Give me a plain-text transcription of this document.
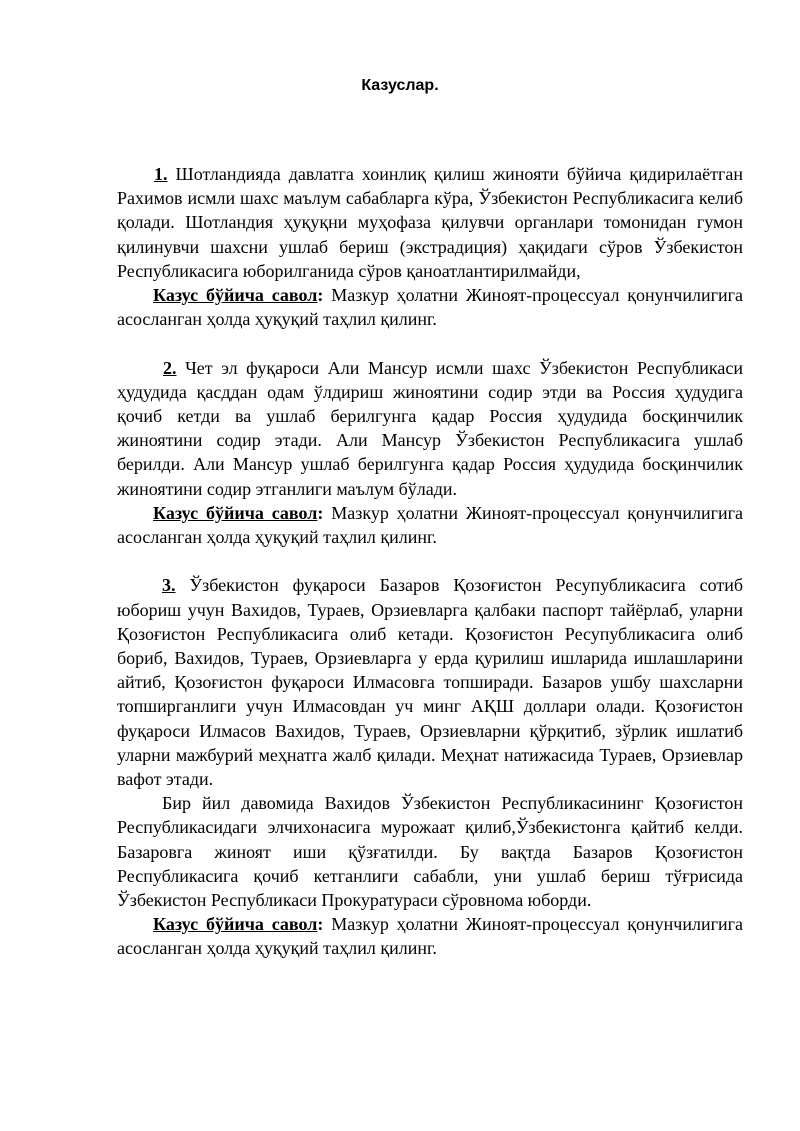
Казуслар.

1. Шотландияда давлатга хоинлиқ қилиш жинояти бўйича қидирилаётган Рахимов исмли шахс маълум сабабларга кўра, Ўзбекистон Республикасига келиб қолади. Шотландия ҳуқуқни муҳофаза қилувчи органлари томонидан гумон қилинувчи шахсни ушлаб бериш (экстрадиция) ҳақидаги сўров Ўзбекистон Республикасига юборилганида сўров қаноатлантирилмайди,

Казус бўйича савол: Мазкур ҳолатни Жиноят-процессуал қонунчилигига асосланган ҳолда ҳуқуқий таҳлил қилинг.

2. Чет эл фуқароси Али Мансур исмли шахс Ўзбекистон Республикаси ҳудудида қасддан одам ўлдириш жиноятини содир этди ва Россия ҳудудига қочиб кетди ва ушлаб берилгунга қадар Россия ҳудудида босқинчилик жиноятини содир этади. Али Мансур Ўзбекистон Республикасига ушлаб берилди. Али Мансур ушлаб берилгунга қадар Россия ҳудудида босқинчилик жиноятини содир этганлиги маълум бўлади.

Казус бўйича савол: Мазкур ҳолатни Жиноят-процессуал қонунчилигига асосланган ҳолда ҳуқуқий таҳлил қилинг.

3. Ўзбекистон фуқароси Базаров Қозоғистон Ресупубликасига сотиб юбориш учун Вахидов, Тураев, Орзиевларга қалбаки паспорт тайёрлаб, уларни Қозоғистон Республикасига олиб кетади. Қозоғистон Ресупубликасига олиб бориб, Вахидов, Тураев, Орзиевларга у ерда қурилиш ишларида ишлашларини айтиб, Қозоғистон фуқароси Илмасовга топширади. Базаров ушбу шахсларни топширганлиги учун Илмасовдан уч минг АҚШ доллари олади. Қозоғистон фуқароси Илмасов Вахидов, Тураев, Орзиевларни қўрқитиб, зўрлик ишлатиб уларни мажбурий меҳнатга жалб қилади. Меҳнат натижасида Тураев, Орзиевлар вафот этади.

Бир йил давомида Вахидов Ўзбекистон Республикасининг Қозоғистон Республикасидаги элчихонасига мурожаат қилиб,Ўзбекистонга қайтиб келди. Базаровга жиноят иши қўзғатилди. Бу вақтда Базаров Қозоғистон Республикасига қочиб кетганлиги сабабли, уни ушлаб бериш тўғрисида Ўзбекистон Республикаси Прокуратураси сўровнома юборди.

Казус бўйича савол: Мазкур ҳолатни Жиноят-процессуал қонунчилигига асосланган ҳолда ҳуқуқий таҳлил қилинг.
